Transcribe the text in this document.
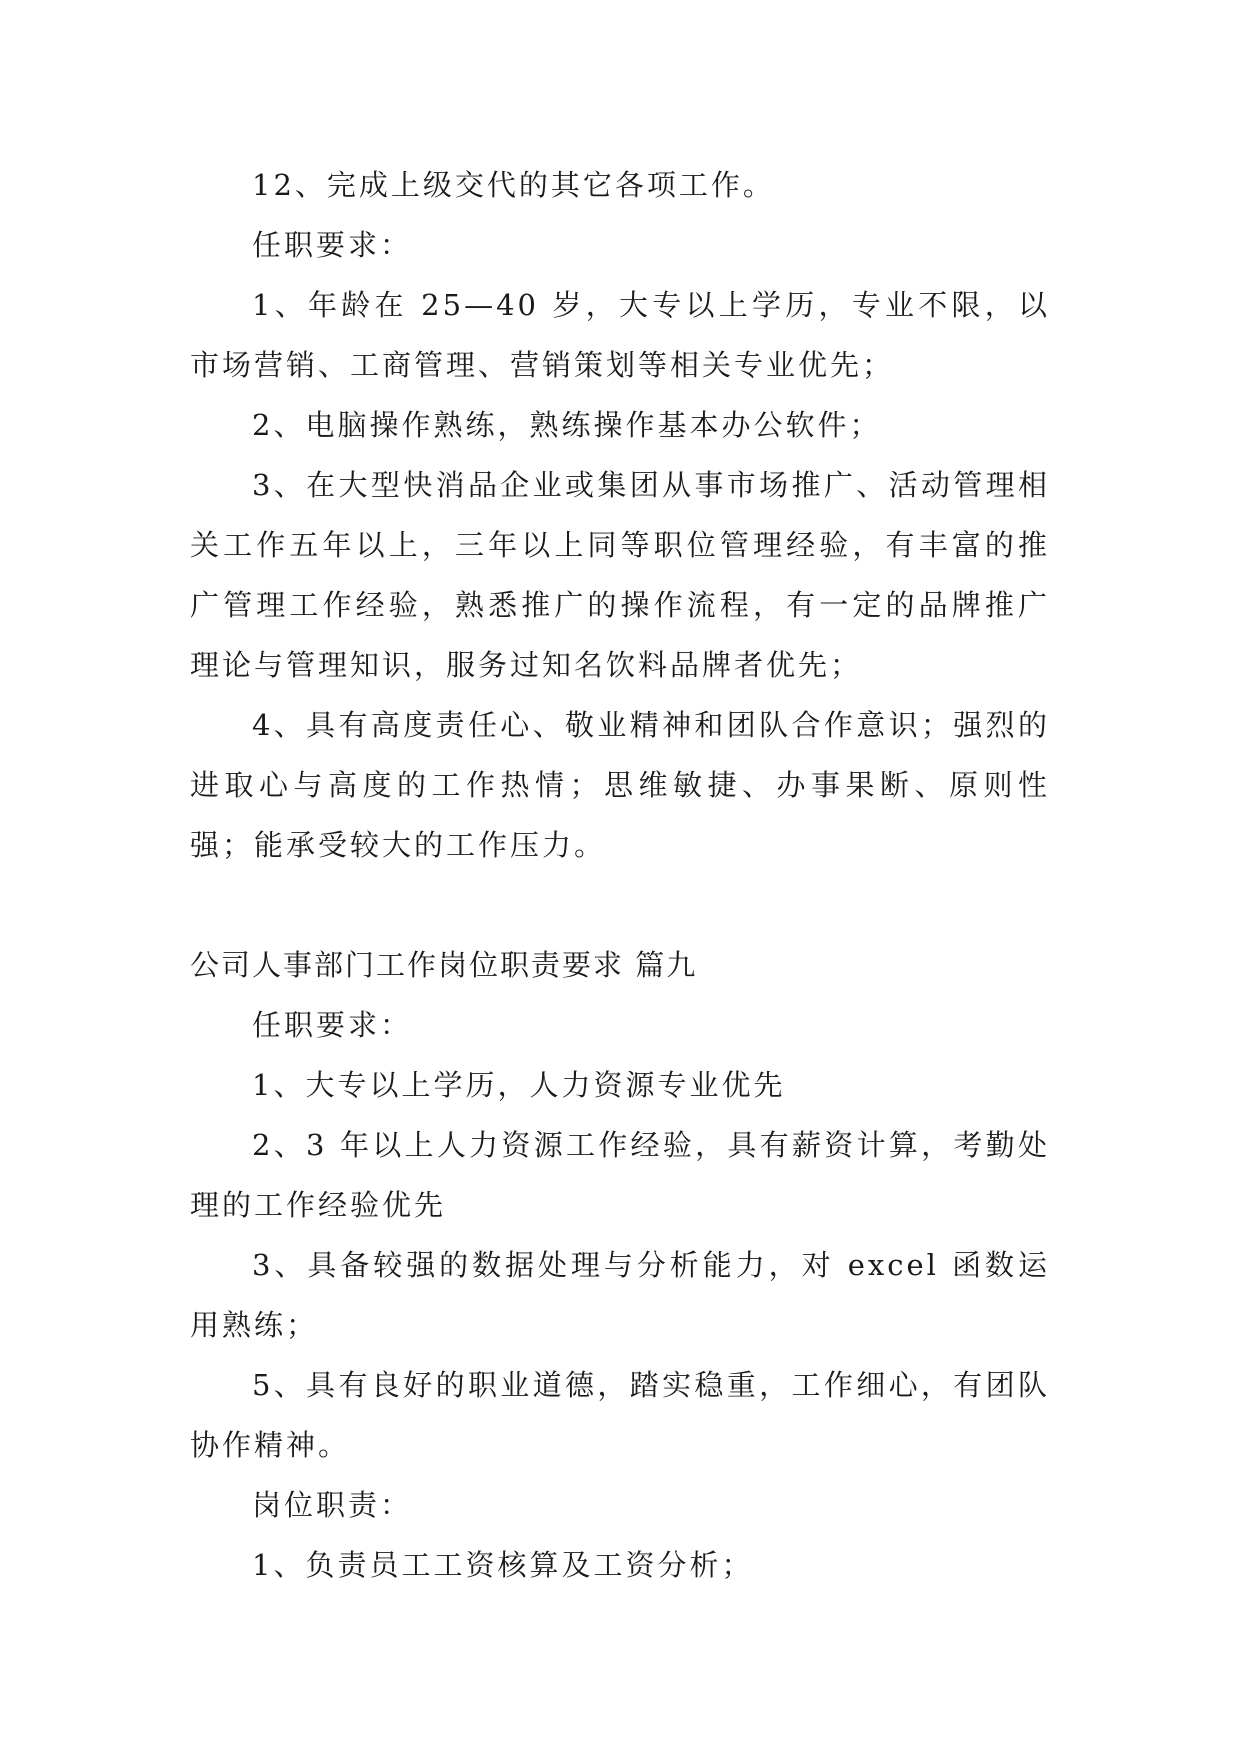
12、完成上级交代的其它各项工作。

任职要求：

1、年龄在 25—40 岁，大专以上学历，专业不限，以市场营销、工商管理、营销策划等相关专业优先；

2、电脑操作熟练，熟练操作基本办公软件；

3、在大型快消品企业或集团从事市场推广、活动管理相关工作五年以上，三年以上同等职位管理经验，有丰富的推广管理工作经验，熟悉推广的操作流程，有一定的品牌推广理论与管理知识，服务过知名饮料品牌者优先；

4、具有高度责任心、敬业精神和团队合作意识；强烈的进取心与高度的工作热情；思维敏捷、办事果断、原则性强；能承受较大的工作压力。

公司人事部门工作岗位职责要求 篇九

任职要求：

1、大专以上学历，人力资源专业优先

2、3 年以上人力资源工作经验，具有薪资计算，考勤处理的工作经验优先

3、具备较强的数据处理与分析能力，对 excel 函数运用熟练；

5、具有良好的职业道德，踏实稳重，工作细心，有团队协作精神。

岗位职责：

1、负责员工工资核算及工资分析；
